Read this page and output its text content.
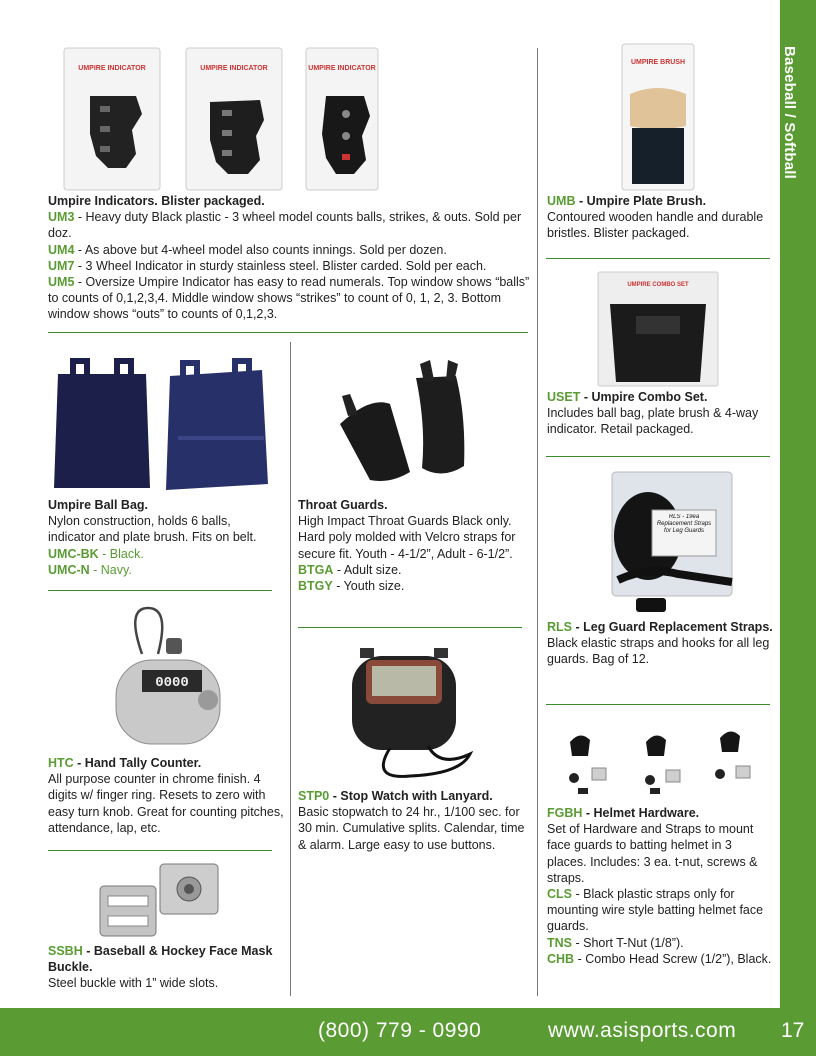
Baseball / Softball
UMPIRE INDICATOR	UMPIRE INDICATOR	UMPIRE INDICATOR

Umpire Indicators. Blister packaged.

UM3 - Heavy duty Black plastic - 3 wheel model counts balls, strikes, & outs. Sold per doz.

UM4 - As above but 4-wheel model also counts innings. Sold per dozen.

UM7 - 3 Wheel Indicator in sturdy stainless steel. Blister carded. Sold per each.

UM5 - Oversize Umpire Indicator has easy to read numerals. Top window shows “balls” to counts of 0,1,2,3,4. Middle window shows “strikes” to count of 0, 1, 2, 3. Bottom window shows “outs” to counts of 0,1,2,3.

UMPIRE BRUSH

UMB - Umpire Plate Brush.

Contoured wooden handle and durable bristles. Blister packaged.

UMPIRE COMBO SET

USET - Umpire Combo Set.

Includes ball bag, plate brush & 4-way indicator. Retail packaged.

Umpire Ball Bag.

Nylon construction, holds 6 balls, indicator and plate brush. Fits on belt.

UMC-BK - Black.

UMC-N - Navy.

Throat Guards.

High Impact Throat Guards Black only. Hard poly molded with Velcro straps for secure fit. Youth - 4-1/2”, Adult - 6-1/2”.

BTGA - Adult size.

BTGY - Youth size.

RLS - 19ea Replacement Straps for Leg Guards

RLS - Leg Guard Replacement Straps.

Black elastic straps and hooks for all leg guards. Bag of 12.

0000

HTC - Hand Tally Counter.

All purpose counter in chrome finish. 4 digits w/ finger ring. Resets to zero with easy turn knob. Great for counting pitches, attendance, lap, etc.

STP0 - Stop Watch with Lanyard.

Basic stopwatch to 24 hr., 1/100 sec. for 30 min. Cumulative splits. Calendar, time & alarm. Large easy to use buttons.

FGBH - Helmet Hardware.

Set of Hardware and Straps to mount face guards to batting helmet in 3 places. Includes: 3 ea. t-nut, screws & straps.

CLS - Black plastic straps only for mounting wire style batting helmet face guards.

TNS - Short T-Nut (1/8”).

CHB - Combo Head Screw (1/2”), Black.

SSBH - Baseball & Hockey Face Mask Buckle.

Steel buckle with 1” wide slots.

(800) 779 - 0990	www.asisports.com 17
